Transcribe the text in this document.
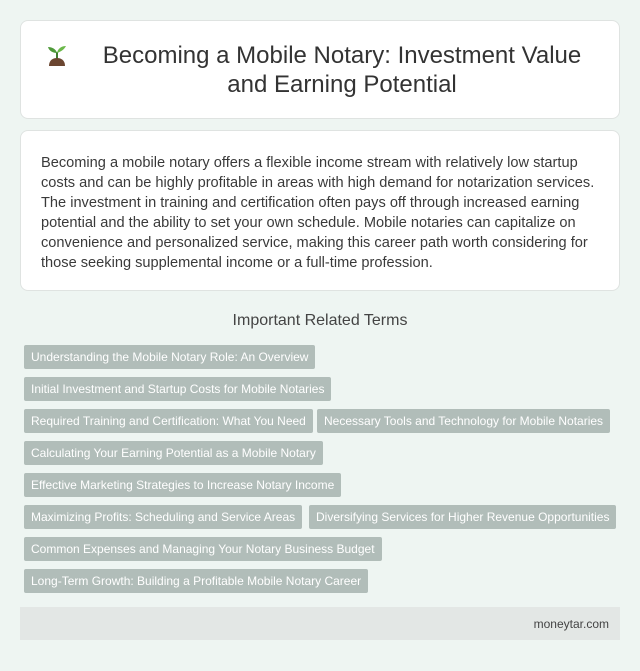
Becoming a Mobile Notary: Investment Value and Earning Potential

Becoming a mobile notary offers a flexible income stream with relatively low startup costs and can be highly profitable in areas with high demand for notarization services. The investment in training and certification often pays off through increased earning potential and the ability to set your own schedule. Mobile notaries can capitalize on convenience and personalized service, making this career path worth considering for those seeking supplemental income or a full-time profession.

Important Related Terms
Understanding the Mobile Notary Role: An Overview
Initial Investment and Startup Costs for Mobile Notaries
Required Training and Certification: What You Need	Necessary Tools and Technology for Mobile Notaries
Calculating Your Earning Potential as a Mobile Notary
Effective Marketing Strategies to Increase Notary Income
Maximizing Profits: Scheduling and Service Areas	Diversifying Services for Higher Revenue Opportunities
Common Expenses and Managing Your Notary Business Budget
Long-Term Growth: Building a Profitable Mobile Notary Career
moneytar.com
